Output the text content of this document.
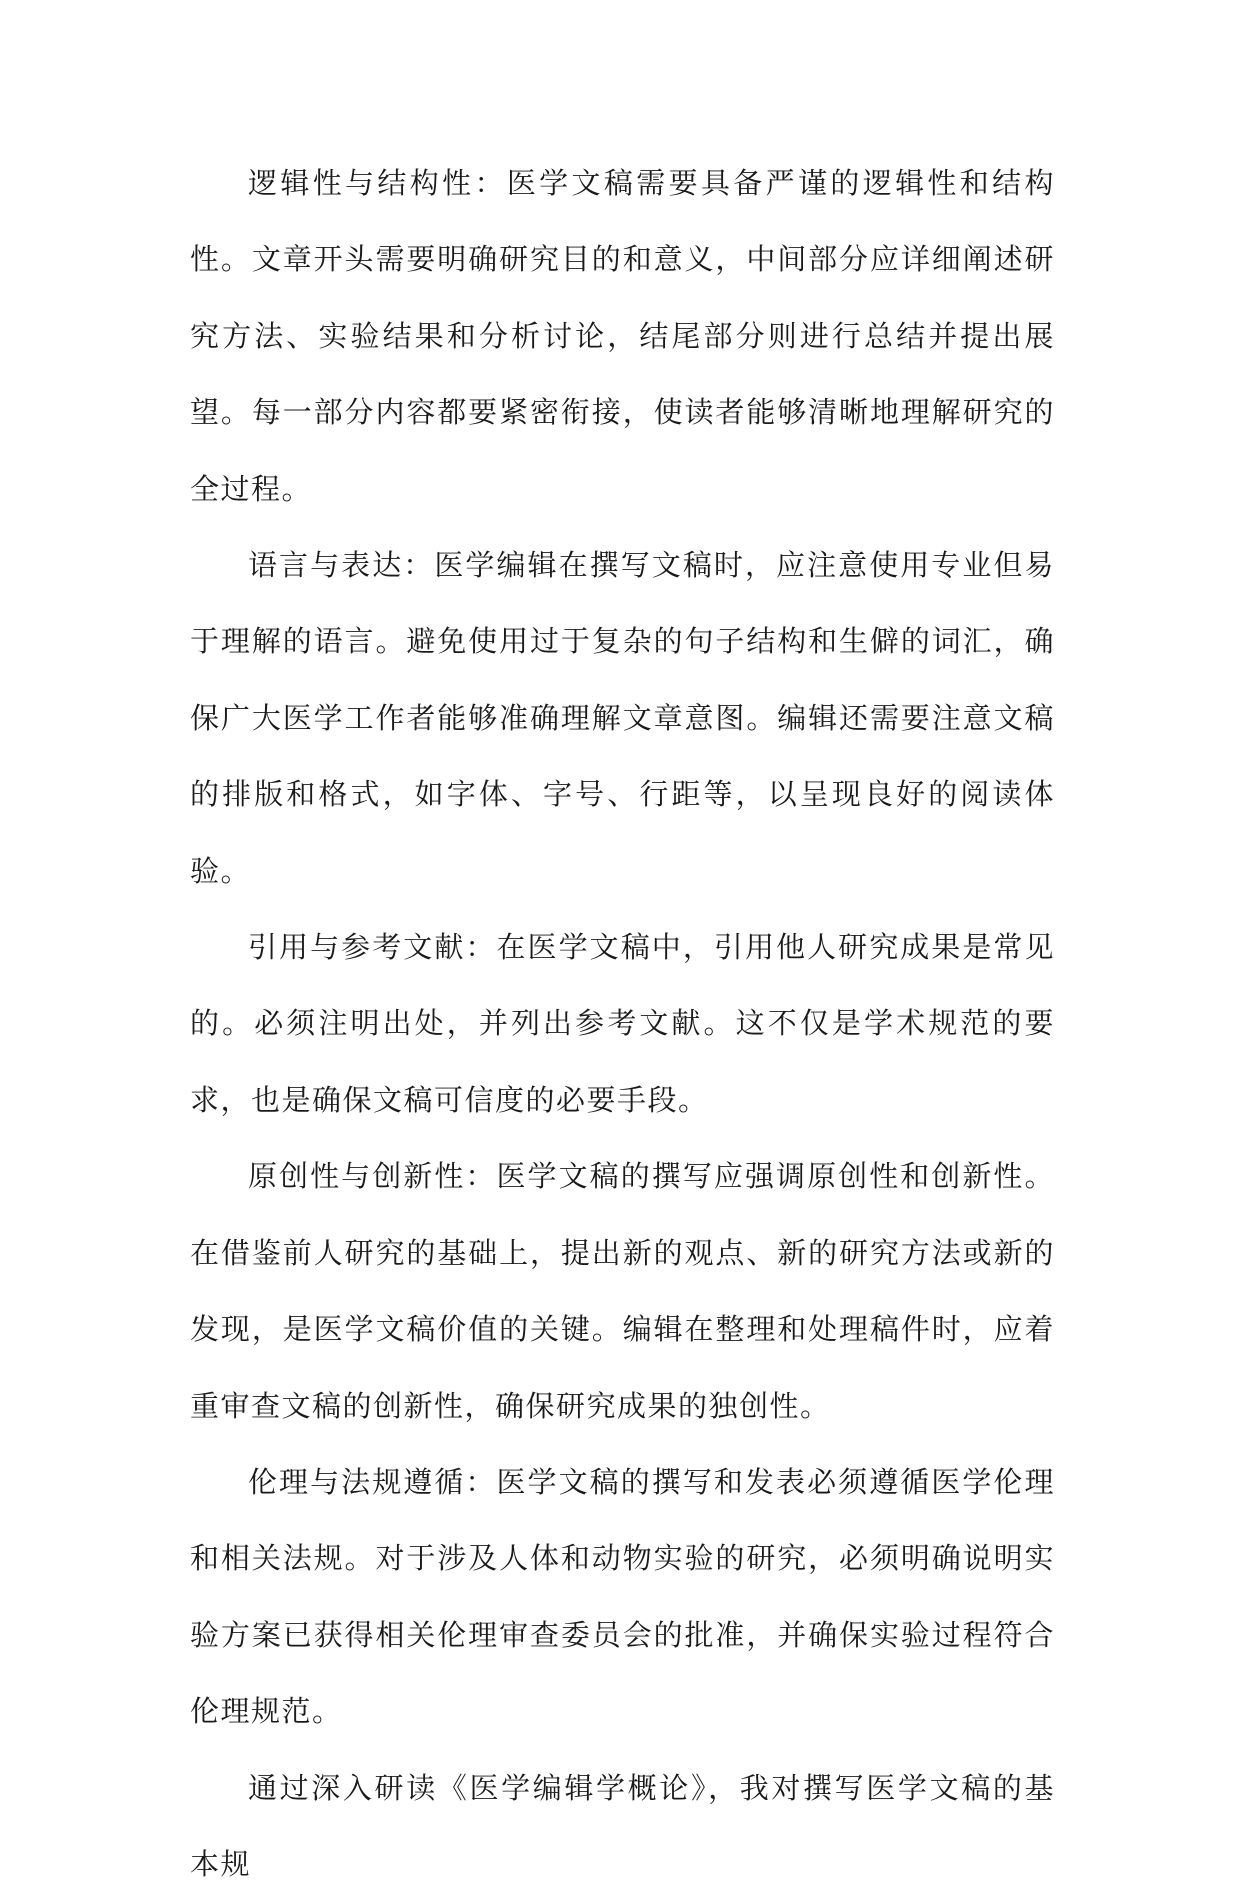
逻辑性与结构性：医学文稿需要具备严谨的逻辑性和结构性。文章开头需要明确研究目的和意义，中间部分应详细阐述研究方法、实验结果和分析讨论，结尾部分则进行总结并提出展望。每一部分内容都要紧密衔接，使读者能够清晰地理解研究的全过程。

语言与表达：医学编辑在撰写文稿时，应注意使用专业但易于理解的语言。避免使用过于复杂的句子结构和生僻的词汇，确保广大医学工作者能够准确理解文章意图。编辑还需要注意文稿的排版和格式，如字体、字号、行距等，以呈现良好的阅读体验。

引用与参考文献：在医学文稿中，引用他人研究成果是常见的。必须注明出处，并列出参考文献。这不仅是学术规范的要求，也是确保文稿可信度的必要手段。

原创性与创新性：医学文稿的撰写应强调原创性和创新性。在借鉴前人研究的基础上，提出新的观点、新的研究方法或新的发现，是医学文稿价值的关键。编辑在整理和处理稿件时，应着重审查文稿的创新性，确保研究成果的独创性。

伦理与法规遵循：医学文稿的撰写和发表必须遵循医学伦理和相关法规。对于涉及人体和动物实验的研究，必须明确说明实验方案已获得相关伦理审查委员会的批准，并确保实验过程符合伦理规范。

通过深入研读《医学编辑学概论》，我对撰写医学文稿的基本规
